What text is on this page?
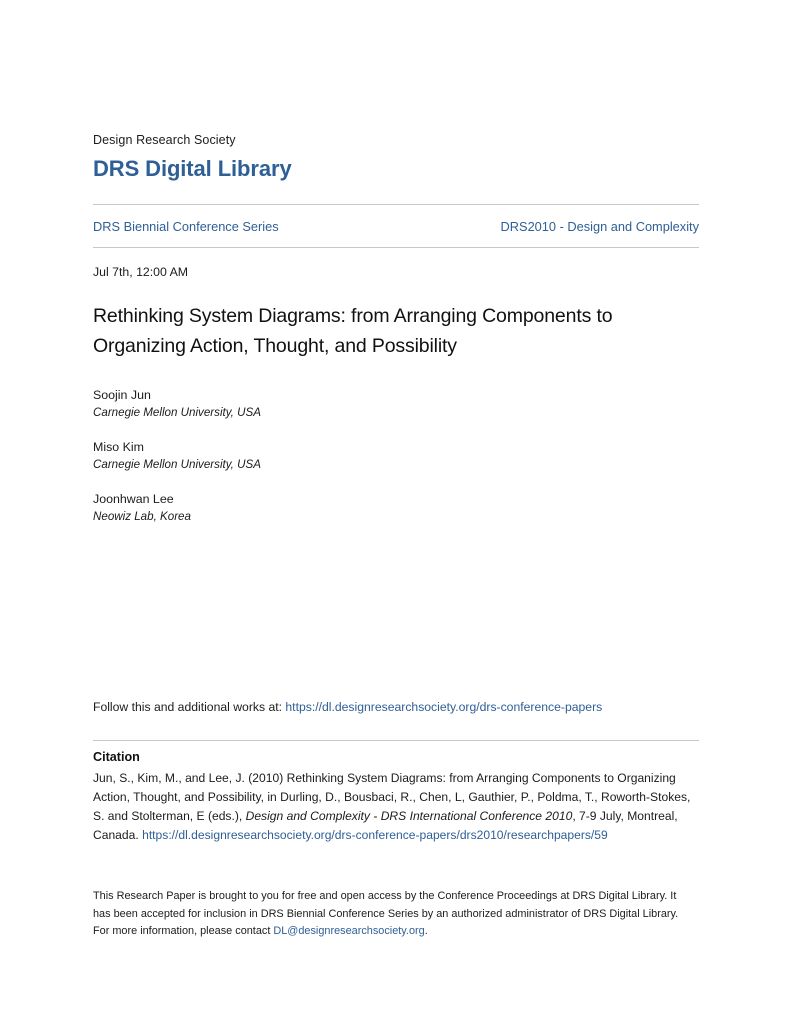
Design Research Society
DRS Digital Library
DRS Biennial Conference Series	DRS2010 - Design and Complexity
Jul 7th, 12:00 AM
Rethinking System Diagrams: from Arranging Components to Organizing Action, Thought, and Possibility
Soojin Jun
Carnegie Mellon University, USA
Miso Kim
Carnegie Mellon University, USA
Joonhwan Lee
Neowiz Lab, Korea
Follow this and additional works at: https://dl.designresearchsociety.org/drs-conference-papers
Citation
Jun, S., Kim, M., and Lee, J. (2010) Rethinking System Diagrams: from Arranging Components to Organizing Action, Thought, and Possibility, in Durling, D., Bousbaci, R., Chen, L, Gauthier, P., Poldma, T., Roworth-Stokes, S. and Stolterman, E (eds.), Design and Complexity - DRS International Conference 2010, 7-9 July, Montreal, Canada. https://dl.designresearchsociety.org/drs-conference-papers/drs2010/researchpapers/59
This Research Paper is brought to you for free and open access by the Conference Proceedings at DRS Digital Library. It has been accepted for inclusion in DRS Biennial Conference Series by an authorized administrator of DRS Digital Library. For more information, please contact DL@designresearchsociety.org.
